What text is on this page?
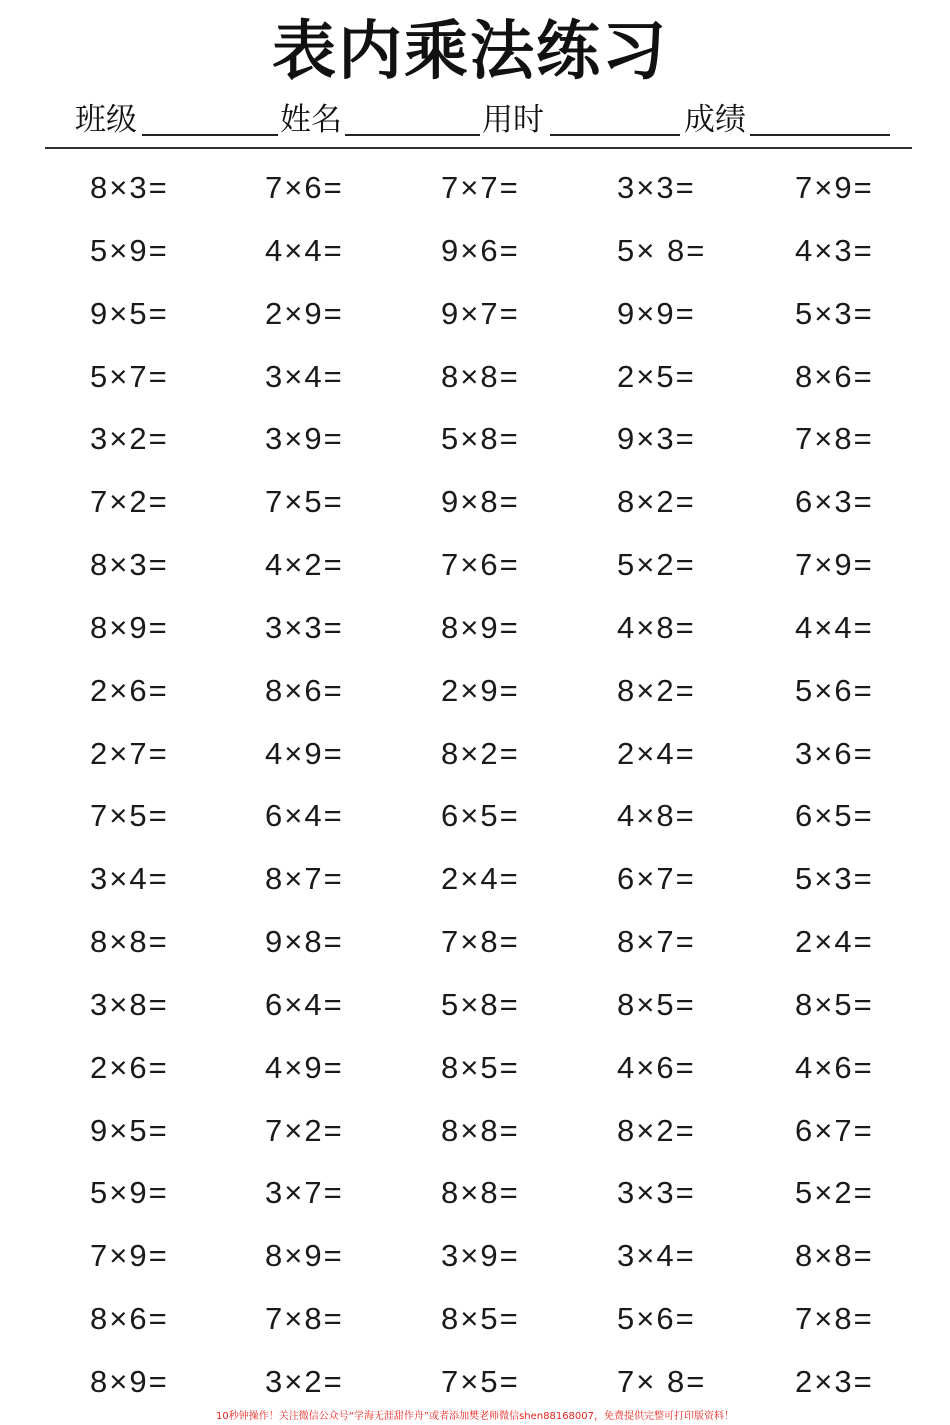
表内乘法练习
班级	姓名	用时	成绩
8×3=	7×6=	7×7=	3×3=	7×9=
5×9=	4×4=	9×6=	5× 8=	4×3=
9×5=	2×9=	9×7=	9×9=	5×3=
5×7=	3×4=	8×8=	2×5=	8×6=
3×2=	3×9=	5×8=	9×3=	7×8=
7×2=	7×5=	9×8=	8×2=	6×3=
8×3=	4×2=	7×6=	5×2=	7×9=
8×9=	3×3=	8×9=	4×8=	4×4=
2×6=	8×6=	2×9=	8×2=	5×6=
2×7=	4×9=	8×2=	2×4=	3×6=
7×5=	6×4=	6×5=	4×8=	6×5=
3×4=	8×7=	2×4=	6×7=	5×3=
8×8=	9×8=	7×8=	8×7=	2×4=
3×8=	6×4=	5×8=	8×5=	8×5=
2×6=	4×9=	8×5=	4×6=	4×6=
9×5=	7×2=	8×8=	8×2=	6×7=
5×9=	3×7=	8×8=	3×3=	5×2=
7×9=	8×9=	3×9=	3×4=	8×8=
8×6=	7×8=	8×5=	5×6=	7×8=
8×9=	3×2=	7×5=	7× 8=	2×3=
10秒钟操作！关注微信公众号“学海无涯甜作舟”或者添加樊老师微信shen88168007，免费提供完整可打印版资料！
